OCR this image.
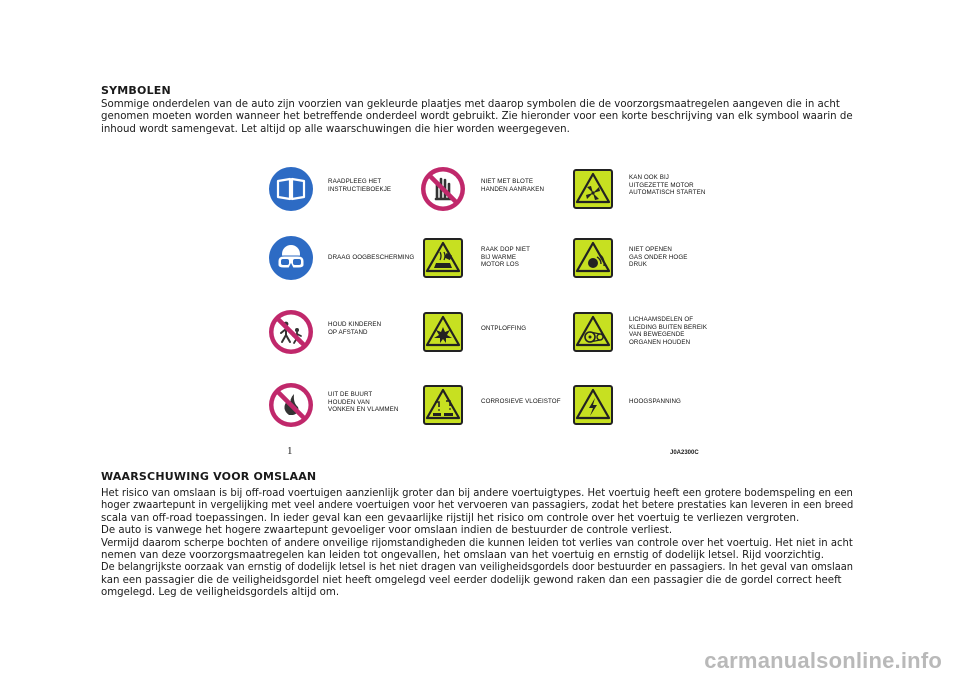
SYMBOLEN

Sommige onderdelen van de auto zijn voorzien van gekleurde plaatjes met daarop symbolen die de voorzorgsmaatregelen aangeven die in acht

genomen moeten worden wanneer het betreffende onderdeel wordt gebruikt. Zie hieronder voor een korte beschrijving van elk symbool waarin de

inhoud wordt samengevat. Let altijd op alle waarschuwingen die hier worden weergegeven.

RAADPLEEG HET
INSTRUCTIEBOEKJE
NIET MET BLOTE
HANDEN AANRAKEN
KAN OOK BIJ
UITGEZETTE MOTOR
AUTOMATISCH STARTEN
DRAAG OOGBESCHERMING
RAAK DOP NIET
BIJ WARME
MOTOR LOS
NIET OPENEN
GAS ONDER HOGE
DRUK
HOUD KINDEREN
OP AFSTAND
ONTPLOFFING
LICHAAMSDELEN OF
KLEDING BUITEN BEREIK
VAN BEWEGENDE
ORGANEN HOUDEN
UIT DE BUURT
HOUDEN VAN
VONKEN EN VLAMMEN
CORROSIEVE VLOEISTOF	HOOGSPANNING
1	J0A2300C
WAARSCHUWING VOOR OMSLAAN

Het risico van omslaan is bij off-road voertuigen aanzienlijk groter dan bij andere voertuigtypes. Het voertuig heeft een grotere bodemspeling en een

hoger zwaartepunt in vergelijking met veel andere voertuigen voor het vervoeren van passagiers, zodat het betere prestaties kan leveren in een breed

scala van off-road toepassingen. In ieder geval kan een gevaarlijke rijstijl het risico om controle over het voertuig te verliezen vergroten.

De auto is vanwege het hogere zwaartepunt gevoeliger voor omslaan indien de bestuurder de controle verliest.

Vermijd daarom scherpe bochten of andere onveilige rijomstandigheden die kunnen leiden tot verlies van controle over het voertuig. Het niet in acht

nemen van deze voorzorgsmaatregelen kan leiden tot ongevallen, het omslaan van het voertuig en ernstig of dodelijk letsel. Rijd voorzichtig.

De belangrijkste oorzaak van ernstig of dodelijk letsel is het niet dragen van veiligheidsgordels door bestuurder en passagiers. In het geval van omslaan

kan een passagier die de veiligheidsgordel niet heeft omgelegd veel eerder dodelijk gewond raken dan een passagier die de gordel correct heeft

omgelegd. Leg de veiligheidsgordels altijd om.

carmanualsonline.info
